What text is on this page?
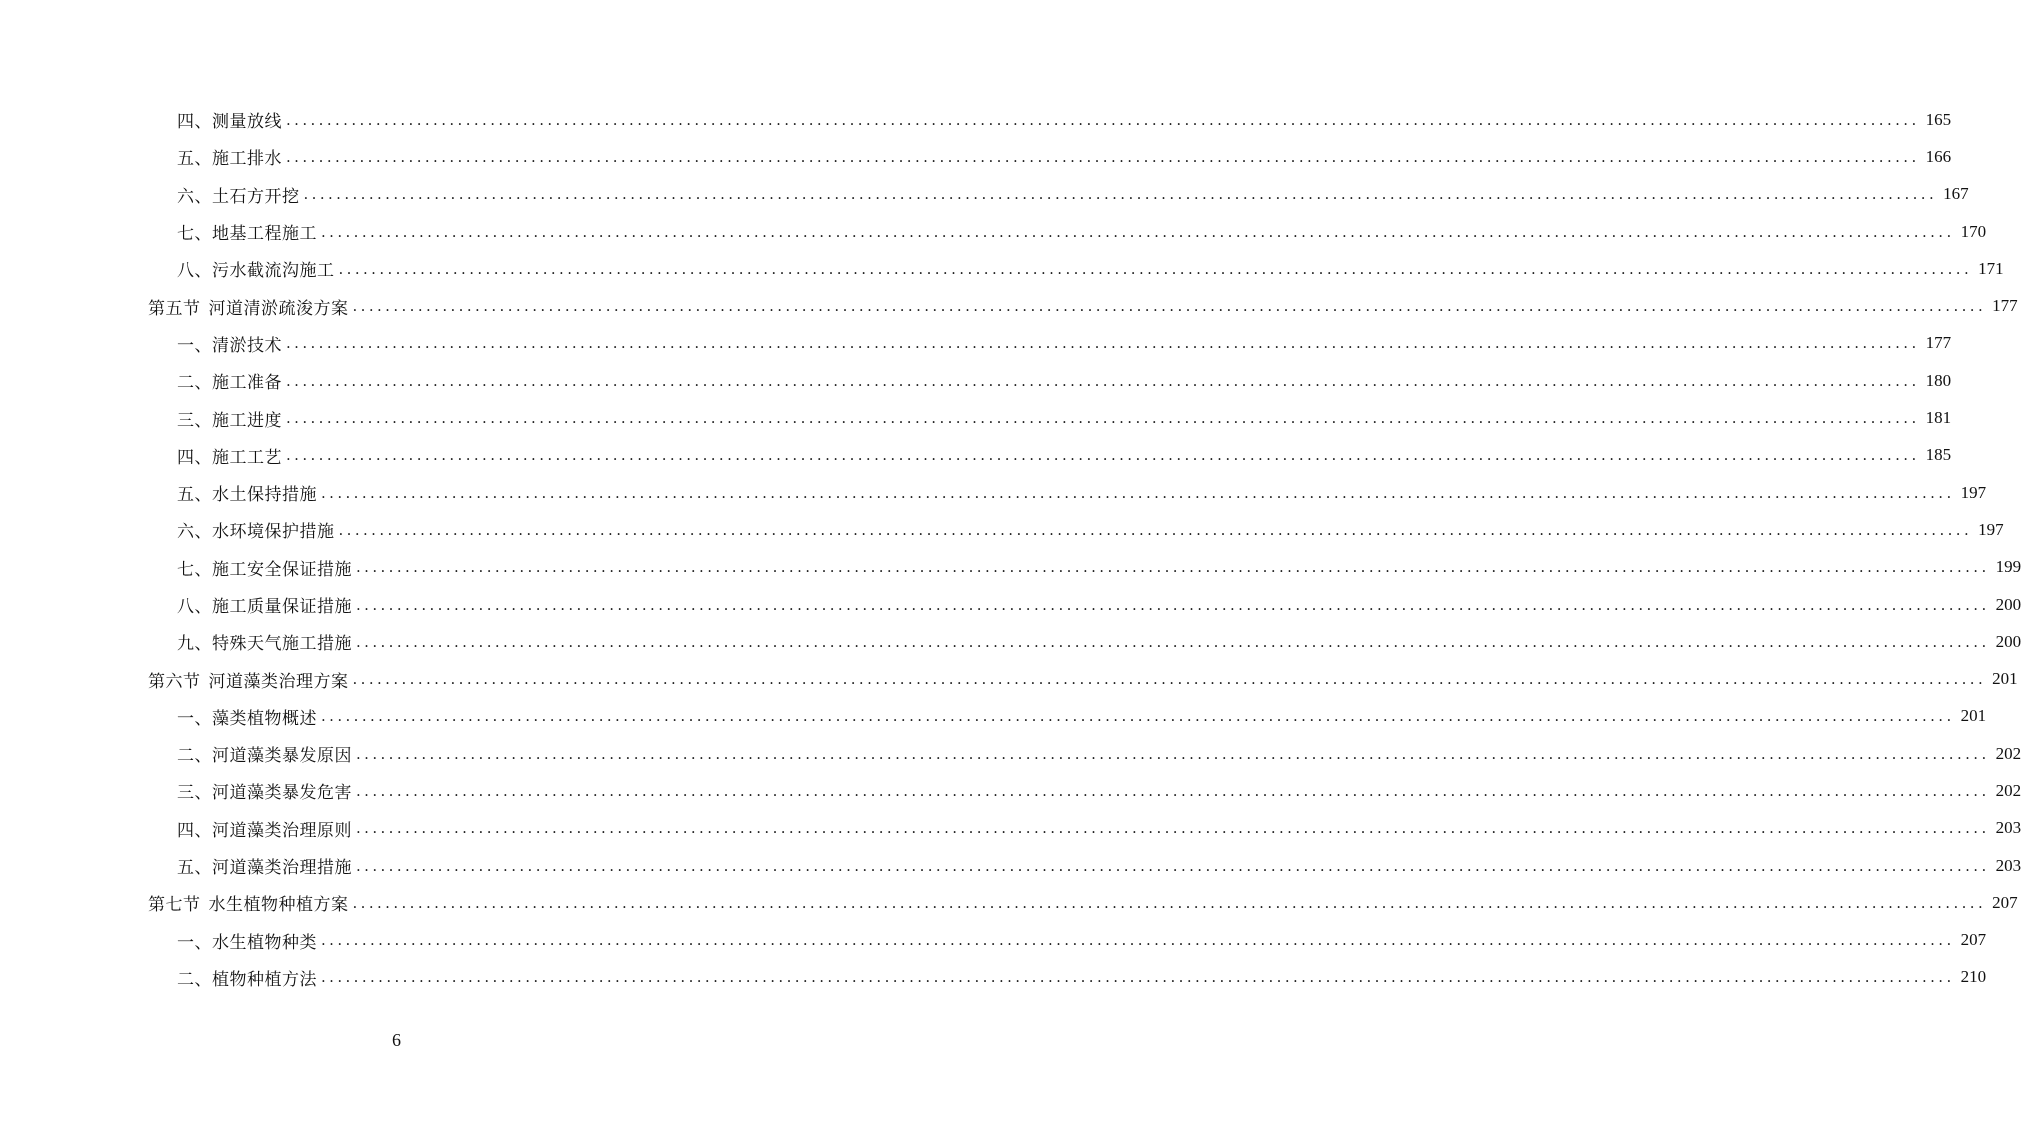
四、测量放线 ........................................................................................................................................................................................................ 165
五、施工排水 ........................................................................................................................................................................................................ 166
六、土石方开挖 ........................................................................................................................................................................................................ 167
七、地基工程施工 ........................................................................................................................................................................................................ 170
八、污水截流沟施工 ........................................................................................................................................................................................................ 171
第五节 河道清淤疏浚方案 ........................................................................................................................................................................................................ 177
一、清淤技术 ........................................................................................................................................................................................................ 177
二、施工准备 ........................................................................................................................................................................................................ 180
三、施工进度 ........................................................................................................................................................................................................ 181
四、施工工艺 ........................................................................................................................................................................................................ 185
五、水土保持措施 ........................................................................................................................................................................................................ 197
六、水环境保护措施 ........................................................................................................................................................................................................ 197
七、施工安全保证措施 ........................................................................................................................................................................................................ 199
八、施工质量保证措施 ........................................................................................................................................................................................................ 200
九、特殊天气施工措施 ........................................................................................................................................................................................................ 200
第六节 河道藻类治理方案 ........................................................................................................................................................................................................ 201
一、藻类植物概述 ........................................................................................................................................................................................................ 201
二、河道藻类暴发原因 ........................................................................................................................................................................................................ 202
三、河道藻类暴发危害 ........................................................................................................................................................................................................ 202
四、河道藻类治理原则 ........................................................................................................................................................................................................ 203
五、河道藻类治理措施 ........................................................................................................................................................................................................ 203
第七节 水生植物种植方案 ........................................................................................................................................................................................................ 207
一、水生植物种类 ........................................................................................................................................................................................................ 207
二、植物种植方法 ........................................................................................................................................................................................................ 210
6
